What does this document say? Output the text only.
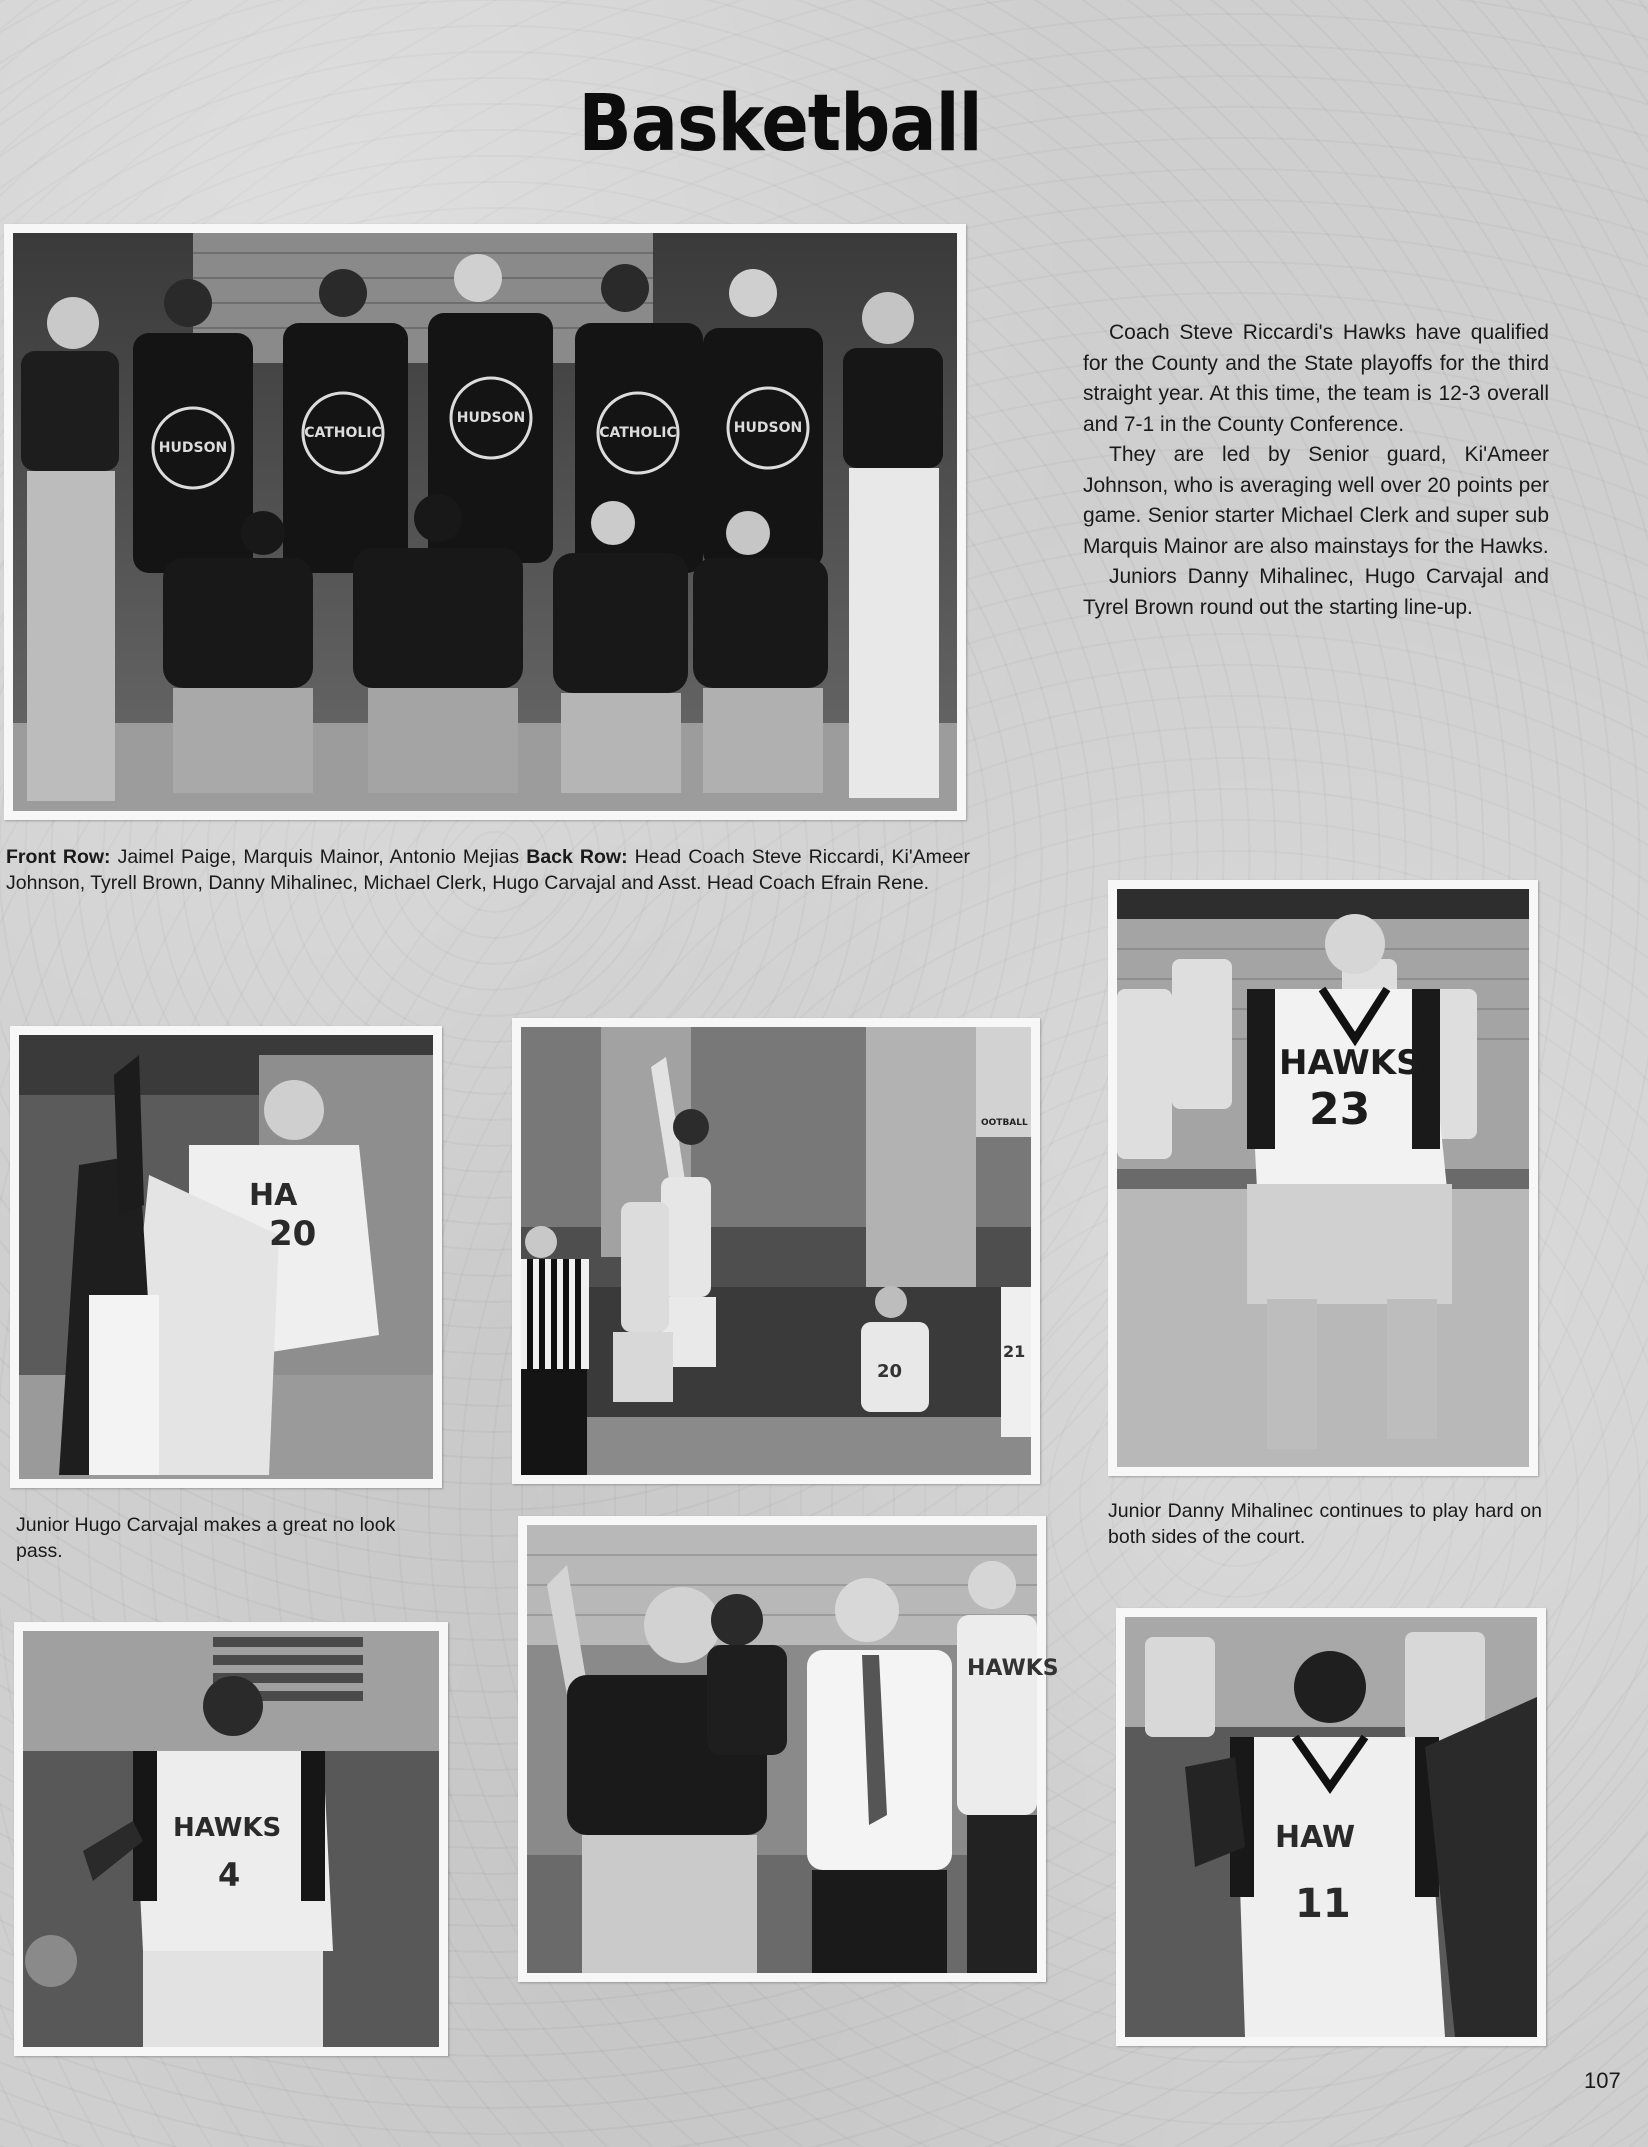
Basketball
HUDSON
CATHOLIC
HUDSON
CATHOLIC	HUDSON

Coach Steve Riccardi's Hawks have qualified for the County and the State playoffs for the third straight year. At this time, the team is 12-3 overall and 7-1 in the County Conference.

They are led by Senior guard, Ki'Ameer Johnson, who is averaging well over 20 points per game. Senior starter Michael Clerk and super sub Marquis Mainor are also mainstays for the Hawks.

Juniors Danny Mihalinec, Hugo Carvajal and Tyrel Brown round out the starting line-up.

Front Row: Jaimel Paige, Marquis Mainor, Antonio Mejias Back Row: Head Coach Steve Riccardi, Ki'Ameer Johnson, Tyrell Brown, Danny Mihalinec, Michael Clerk, Hugo Carvajal and Asst. Head Coach Efrain Rene.
HA
20
Junior Hugo Carvajal makes a great no look pass.
OOTBALL
20
21
HAWKS
23
Junior Danny Mihalinec continues to play hard on both sides of the court.
HAWKS
4
HAWKS
HAW
11
107
